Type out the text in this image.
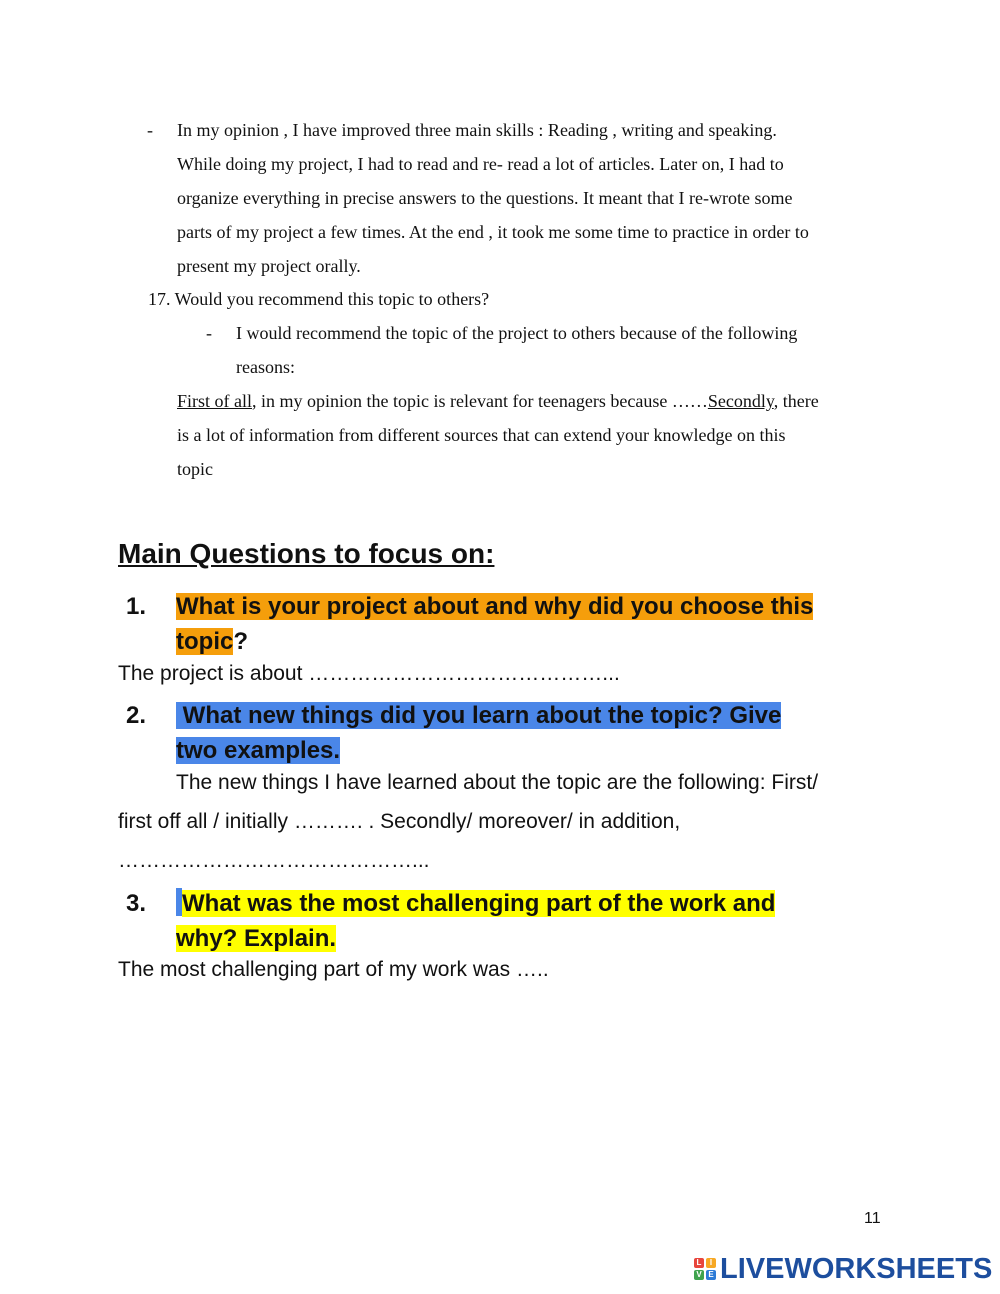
- In my opinion , I have improved three main skills : Reading , writing and speaking.
While doing my project, I had to read and re- read a lot of articles. Later on, I had to
organize everything in precise answers to the questions. It meant that I re-wrote some
parts of my project a few times. At the end , it took me some time to practice in order to
present my project orally.
17. Would you recommend this topic to others?
- I would recommend the topic of the project to others because of the following
reasons:
First of all, in my opinion the topic is relevant for teenagers because ……Secondly, there
is a lot of information from different sources that can extend your knowledge on this
topic
Main Questions to focus on:
1. What is your project about and why did you choose this
topic?
The project is about ……………………………………...
2. What new things did you learn about the topic? Give
two examples.
The new things I have learned about the topic are the following: First/
first off all / initially ………. . Secondly/ moreover/ in addition,
……………………………………...
3. What was the most challenging part of the work and
why? Explain.
The most challenging part of my work was …..
11
L	I
V E LIVEWORKSHEETS
